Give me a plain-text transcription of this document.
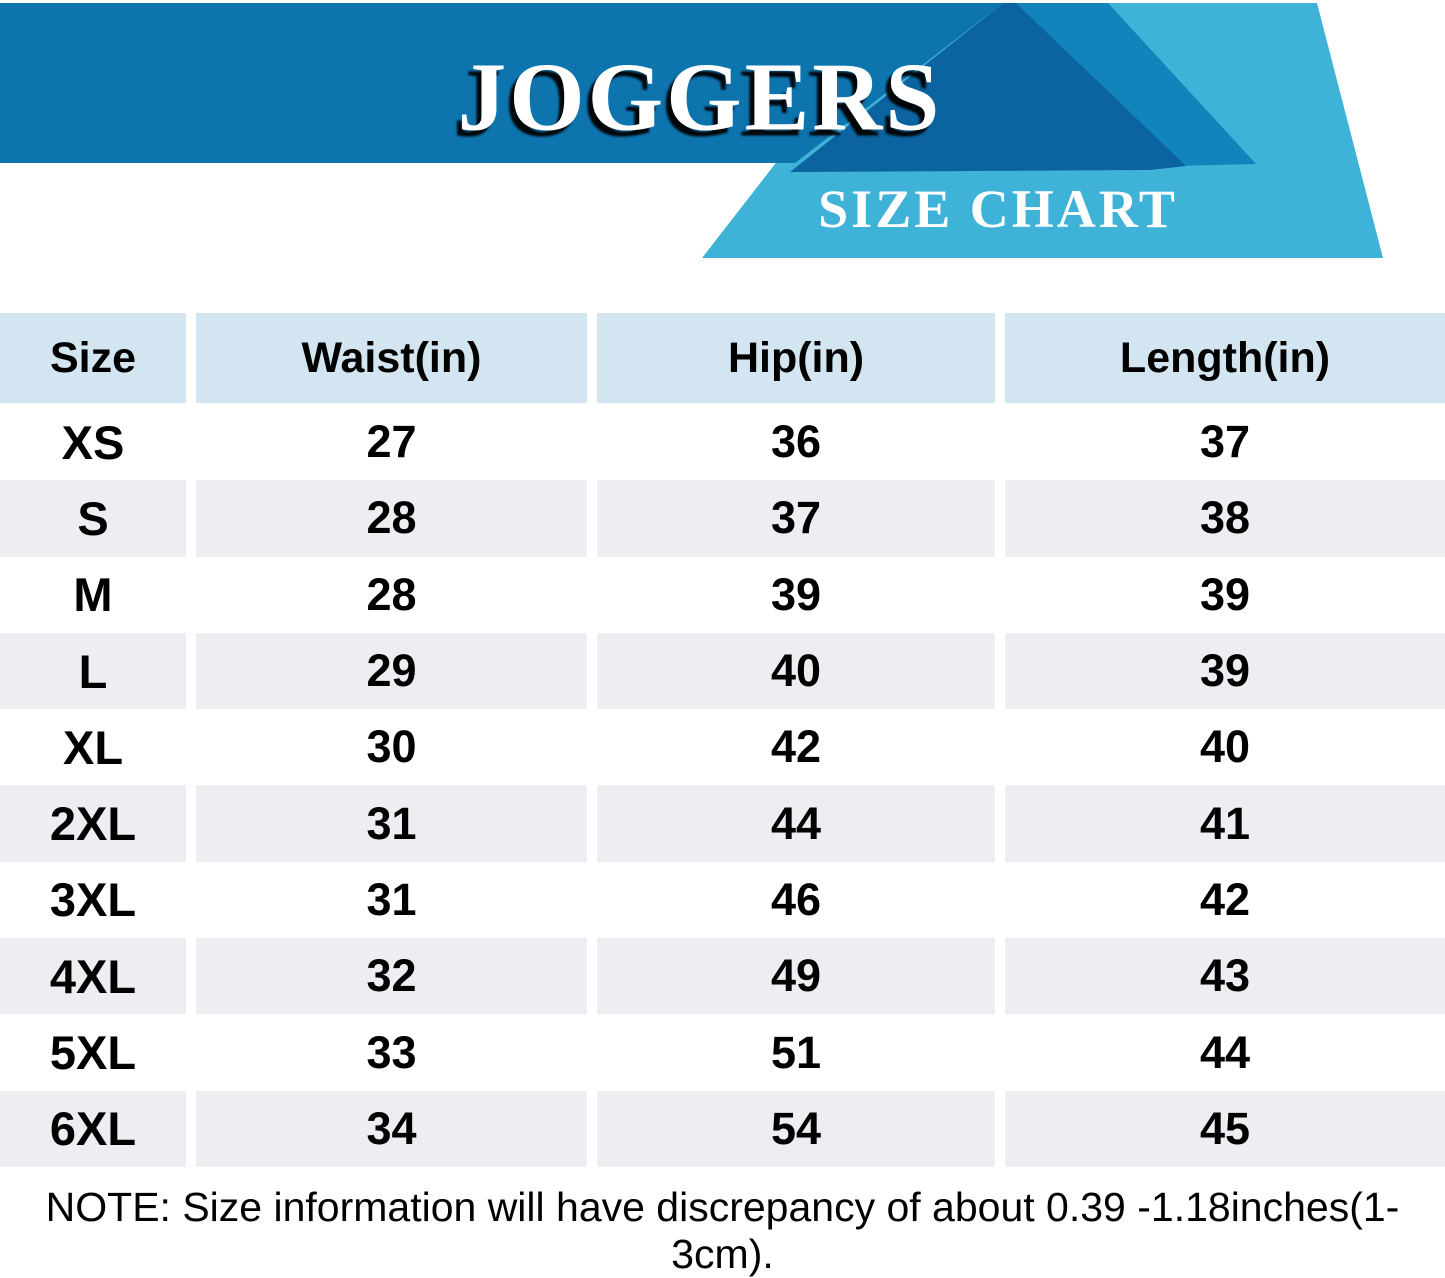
JOGGERS
SIZE CHART
Size	Waist(in)	Hip(in)	Length(in)
XS	27	36	37
S	28	37	38
M	28	39	39
L	29	40	39
XL	30	42	40
2XL	31	44	41
3XL	31	46	42
4XL	32	49	43
5XL	33	51	44
6XL	34	54	45
NOTE: Size information will have discrepancy of about 0.39 -1.18inches(1-3cm).
